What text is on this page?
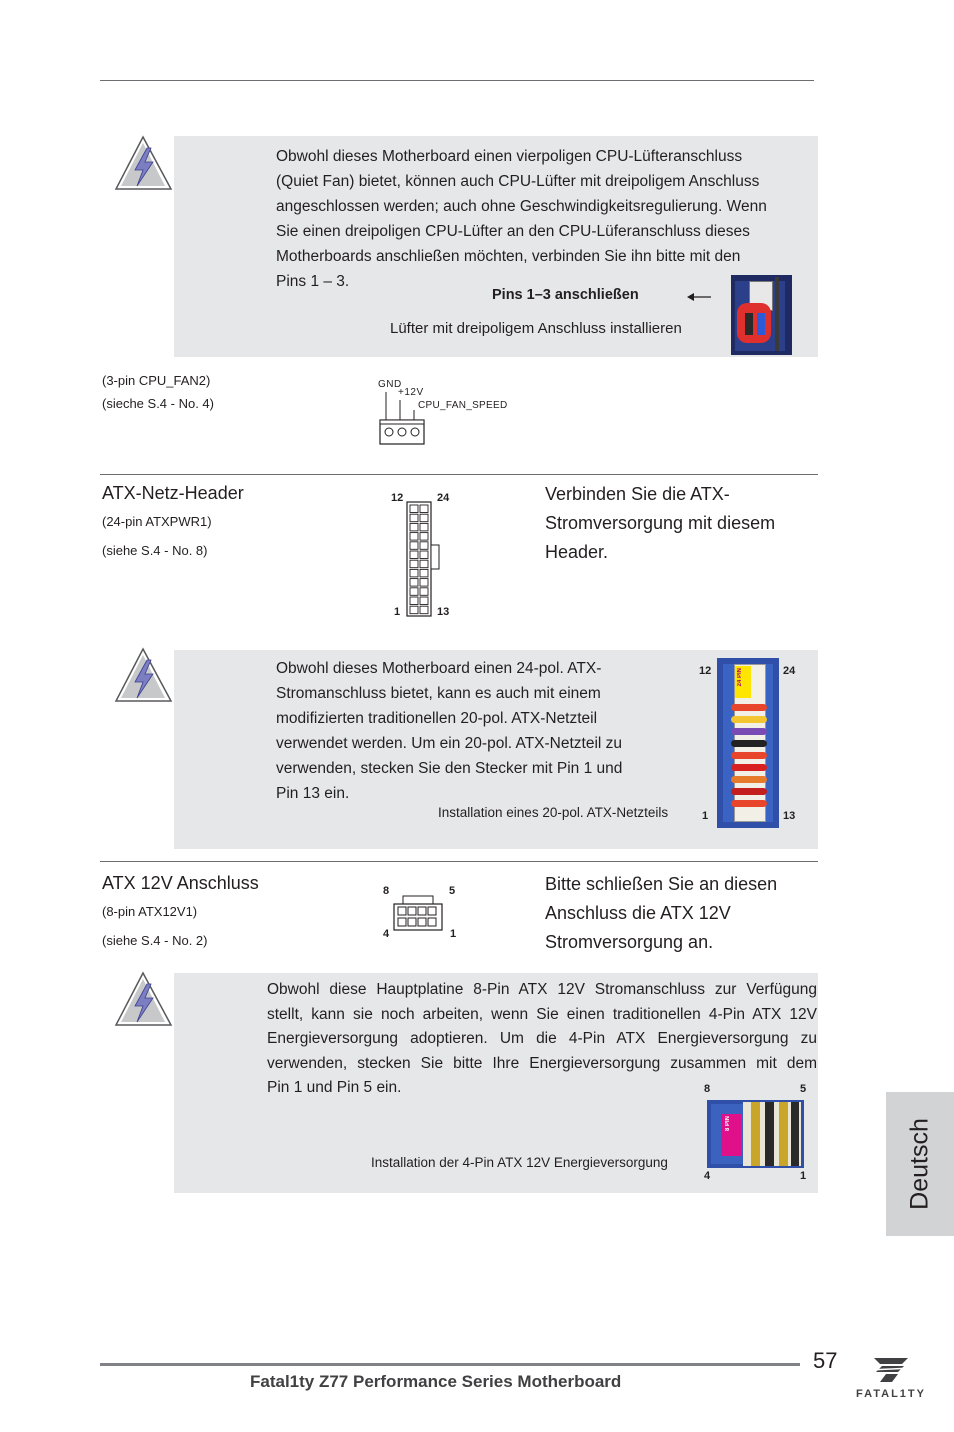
Obwohl dieses Motherboard einen vierpoligen CPU-Lüfteranschluss
(Quiet Fan) bietet, können auch CPU-Lüfter mit dreipoligem Anschluss
angeschlossen werden; auch ohne Geschwindigkeitsregulierung. Wenn
Sie einen dreipoligen CPU-Lüfter an den CPU-Lüferanschluss dieses
Motherboards anschließen möchten, verbinden Sie ihn bitte mit den
Pins 1 – 3.
Pins 1–3 anschließen
Lüfter mit dreipoligem Anschluss installieren
(3-pin CPU_FAN2)
(sieche S.4 - No. 4)
GND
+12V
CPU_FAN_SPEED
ATX-Netz-Header
(24-pin ATXPWR1)
(siehe S.4 - No. 8)
12	24
1	13
Verbinden Sie die ATX-
Stromversorgung mit diesem
Header.
Obwohl dieses Motherboard einen 24-pol. ATX-
Stromanschluss bietet, kann es auch mit einem
modifizierten traditionellen 20-pol. ATX-Netzteil
verwendet werden. Um ein 20-pol. ATX-Netzteil zu
verwenden, stecken Sie den Stecker mit Pin 1 und
Pin 13 ein.
Installation eines 20-pol. ATX-Netzteils
12	24
1	13
24 PIN
ATX 12V Anschluss
(8-pin ATX12V1)
(siehe S.4 - No. 2)
8	5
4	1
Bitte schließen Sie an diesen
Anschluss die ATX 12V
Stromversorgung an.
Obwohl diese Hauptplatine 8-Pin ATX 12V Stromanschluss zur Verfügung
stellt, kann sie noch arbeiten, wenn Sie einen traditionellen 4-Pin ATX 12V
Energieversorgung adoptieren. Um die 4-Pin ATX Energieversorgung zu
verwenden, stecken Sie bitte Ihre Energieversorgung zusammen mit dem
Pin 1 und Pin 5 ein.
Installation der 4-Pin ATX 12V Energieversorgung
8	5
4	1
8 PIN	Deutsch
Fatal1ty Z77 Performance Series Motherboard
57
FATAL1TY
